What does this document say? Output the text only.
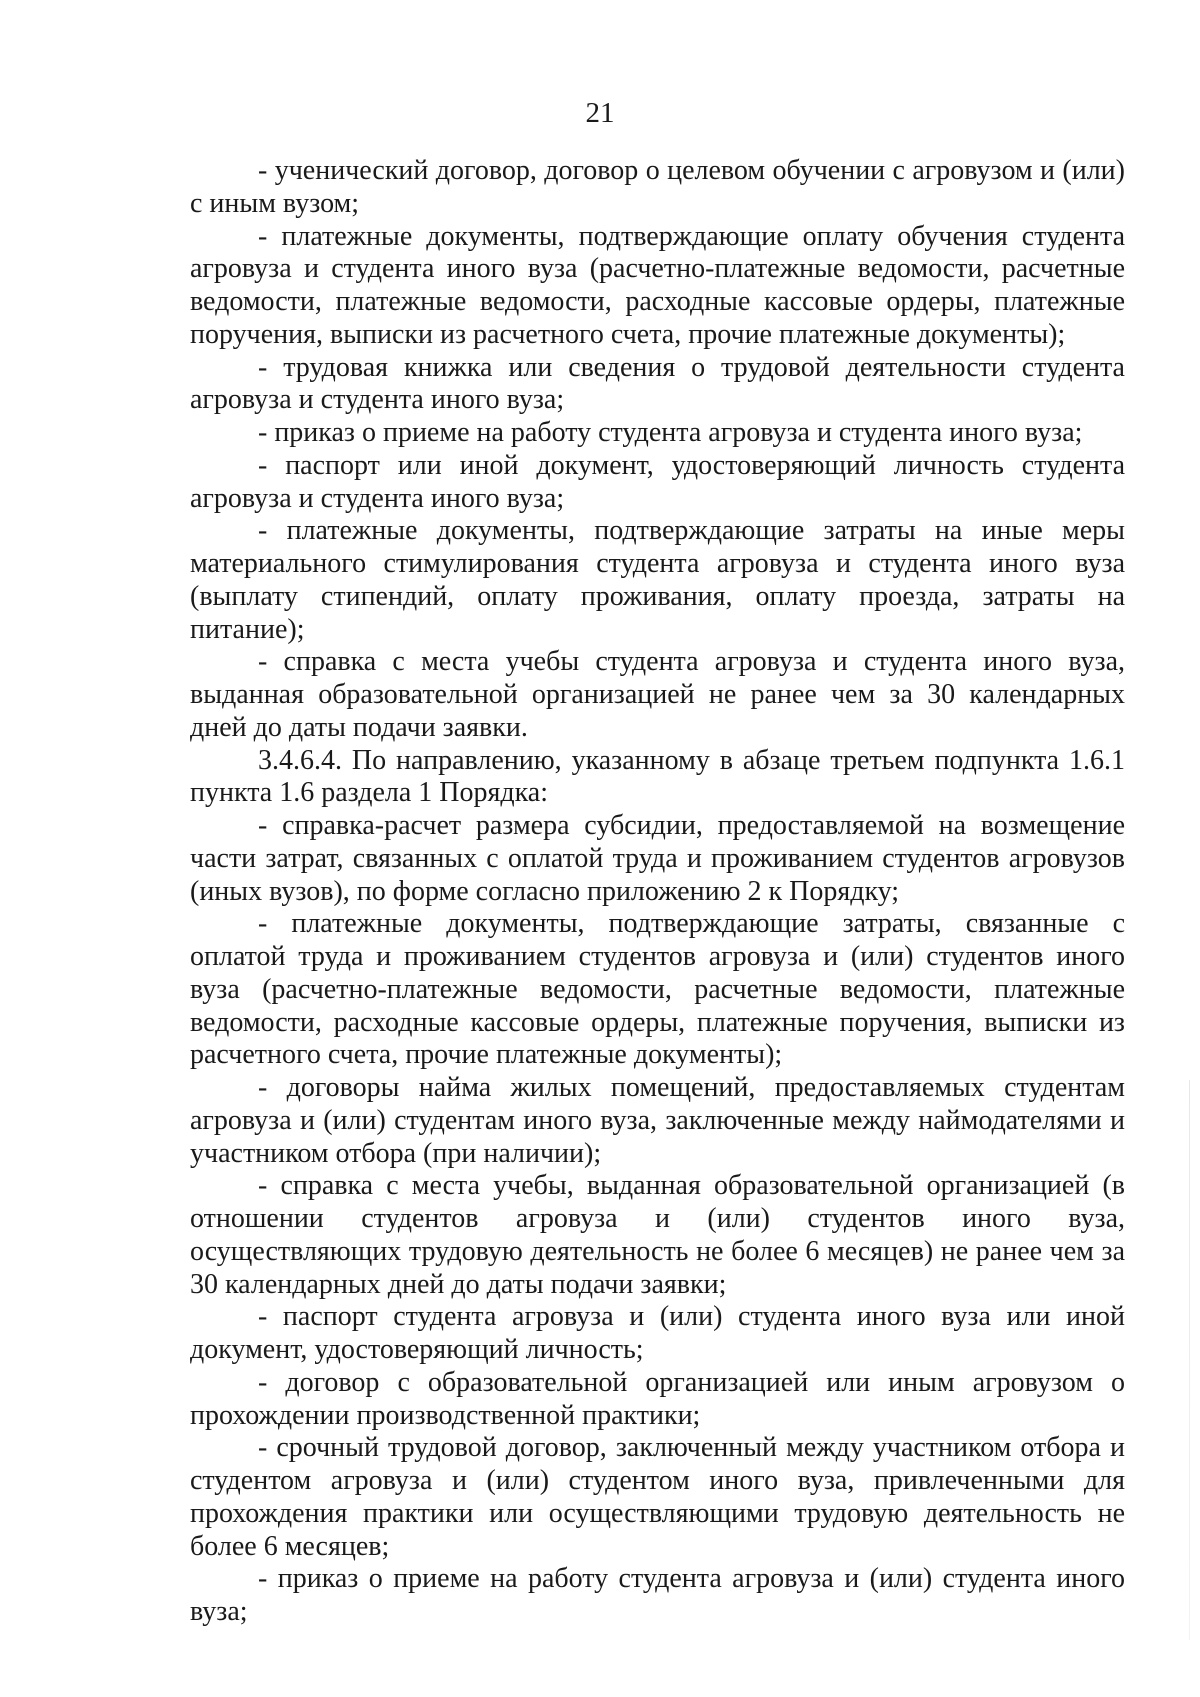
21

- ученический договор, договор о целевом обучении с агровузом и (или) с иным вузом;

- платежные документы, подтверждающие оплату обучения студента агровуза и студента иного вуза (расчетно-платежные ведомости, расчетные ведомости, платежные ведомости, расходные кассовые ордеры, платежные поручения, выписки из расчетного счета, прочие платежные документы);

- трудовая книжка или сведения о трудовой деятельности студента агровуза и студента иного вуза;

- приказ о приеме на работу студента агровуза и студента иного вуза;

- паспорт или иной документ, удостоверяющий личность студента агровуза и студента иного вуза;

- платежные документы, подтверждающие затраты на иные меры материального стимулирования студента агровуза и студента иного вуза (выплату стипендий, оплату проживания, оплату проезда, затраты на питание);

- справка с места учебы студента агровуза и студента иного вуза, выданная образовательной организацией не ранее чем за 30 календарных дней до даты подачи заявки.

3.4.6.4. По направлению, указанному в абзаце третьем подпункта 1.6.1 пункта 1.6 раздела 1 Порядка:

- справка-расчет размера субсидии, предоставляемой на возмещение части затрат, связанных с оплатой труда и проживанием студентов агровузов (иных вузов), по форме согласно приложению 2 к Порядку;

- платежные документы, подтверждающие затраты, связанные с оплатой труда и проживанием студентов агровуза и (или) студентов иного вуза (расчетно-платежные ведомости, расчетные ведомости, платежные ведомости, расходные кассовые ордеры, платежные поручения, выписки из расчетного счета, прочие платежные документы);

- договоры найма жилых помещений, предоставляемых студентам агровуза и (или) студентам иного вуза, заключенные между наймодателями и участником отбора (при наличии);

- справка с места учебы, выданная образовательной организацией (в отношении студентов агровуза и (или) студентов иного вуза, осуществляющих трудовую деятельность не более 6 месяцев) не ранее чем за 30 календарных дней до даты подачи заявки;

- паспорт студента агровуза и (или) студента иного вуза или иной документ, удостоверяющий личность;

- договор с образовательной организацией или иным агровузом о прохождении производственной практики;

- срочный трудовой договор, заключенный между участником отбора и студентом агровуза и (или) студентом иного вуза, привлеченными для прохождения практики или осуществляющими трудовую деятельность не более 6 месяцев;

- приказ о приеме на работу студента агровуза и (или) студента иного вуза;
